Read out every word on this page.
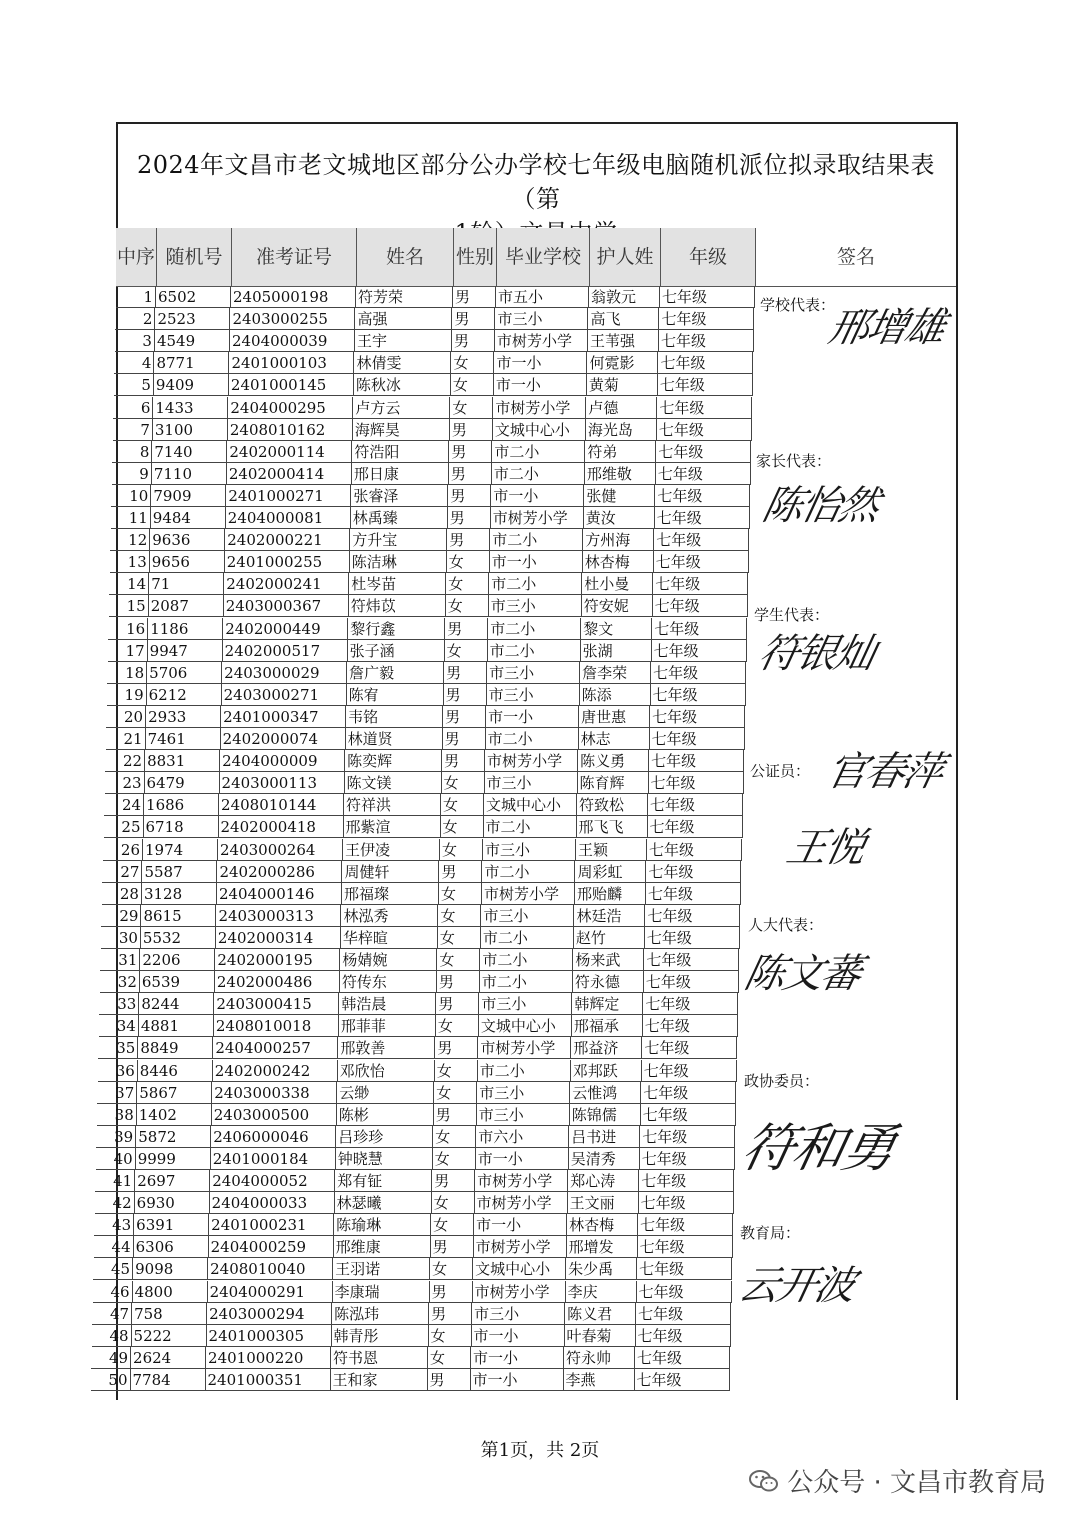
2024年文昌市老文城地区部分公办学校七年级电脑随机派位拟录取结果表（第
中序 随机号	准考证号	姓名	性别 毕业学校 护人姓	年级	签名
1 6502	2405000198	符芳荣	男	市五小	翁敦元	七年级
2 2523	2403000255	高强	男	市三小	高飞	七年级
3 4549	2404000039	王宇	男	市树芳小学	王苇强	七年级
4 8771	2401000103	林倩雯	女	市一小	何霓影	七年级
5 9409	2401000145	陈秋冰	女	市一小	黄菊	七年级
6 1433	2404000295	卢方云	女	市树芳小学	卢德	七年级
7 3100	2408010162	海辉昊	男	文城中心小	海光岛	七年级
8 7140	2402000114	符浩阳	男	市二小	符弟	七年级
9 7110	2402000414	邢日康	男	市二小	邢维敬	七年级
10 7909	2401000271	张睿泽	男	市一小	张健	七年级
11 9484	2404000081	林禹臻	男	市树芳小学	黄汝	七年级
12 9636	2402000221	方升宝	男	市二小	方州海	七年级
13 9656	2401000255	陈洁琳	女	市一小	林杏梅	七年级
14 71	2402000241	杜岑苗	女	市二小	杜小曼	七年级
15 2087	2403000367	符炜苡	女	市三小	符安妮	七年级
16 1186	2402000449	黎行鑫	男	市二小	黎文	七年级
17 9947	2402000517	张子涵	女	市二小	张湖	七年级
18 5706	2403000029	詹广毅	男	市三小	詹李荣	七年级
19 6212	2403000271	陈宥	男	市三小	陈添	七年级
20 2933	2401000347	韦铭	男	市一小	唐世惠	七年级
21 7461	2402000074	林道贤	男	市二小	林志	七年级
22 8831	2404000009	陈奕辉	男	市树芳小学	陈义勇	七年级
23 6479	2403000113	陈文镁	女	市三小	陈育辉	七年级
24 1686	2408010144	符祥洪	女	文城中心小	符致松	七年级
25 6718	2402000418	邢紫渲	女	市二小	邢飞飞	七年级
26 1974	2403000264	王伊凌	女	市三小	王颖	七年级
27 5587	2402000286	周健轩	男	市二小	周彩虹	七年级
28 3128	2404000146	邢福璨	女	市树芳小学	邢贻麟	七年级
29 8615	2403000313	林泓秀	女	市三小	林廷浩	七年级
30 5532	2402000314	华梓暄	女	市二小	赵竹	七年级
31 2206	2402000195	杨婧婉	女	市二小	杨来武	七年级
32 6539	2402000486	符传东	男	市二小	符永德	七年级
33 8244	2403000415	韩浩晨	男	市三小	韩辉定	七年级
34 4881	2408010018	邢菲菲	女	文城中心小	邢福承	七年级
35 8849	2404000257	邢敦善	男	市树芳小学	邢益济	七年级
36 8446	2402000242	邓欣怡	女	市二小	邓邦跃	七年级
37 5867	2403000338	云缈	女	市三小	云惟鸿	七年级
38 1402	2403000500	陈彬	男	市三小	陈锦儒	七年级
39 5872	2406000046	吕珍珍	女	市六小	吕书进	七年级
40 9999	2401000184	钟晓慧	女	市一小	吴清秀	七年级
41 2697	2404000052	郑有钲	男	市树芳小学	郑心涛	七年级
42 6930	2404000033	林瑟曦	女	市树芳小学	王文丽	七年级
43 6391	2401000231	陈瑜琳	女	市一小	林杏梅	七年级
44 6306	2404000259	邢维康	男	市树芳小学	邢增发	七年级
45 9098	2408010040	王羽诺	女	文城中心小	朱少禹	七年级
46 4800	2404000291	李康瑞	男	市树芳小学	李庆	七年级
47 758	2403000294	陈泓玮	男	市三小	陈义君	七年级
48 5222	2401000305	韩青彤	女	市一小	叶春菊	七年级
49 2624	2401000220	符书恩	女	市一小	符永帅	七年级
50 7784	2401000351	王和家	男	市一小	李燕	七年级
学校代表：
邢增雄
家长代表：
陈怡然
学生代表：
符银灿
公证员： 官春萍
王悦
人大代表：
陈文蕃
政协委员：
符和勇
教育局：
云开波
第1页，共 2页
公众号 · 文昌市教育局
